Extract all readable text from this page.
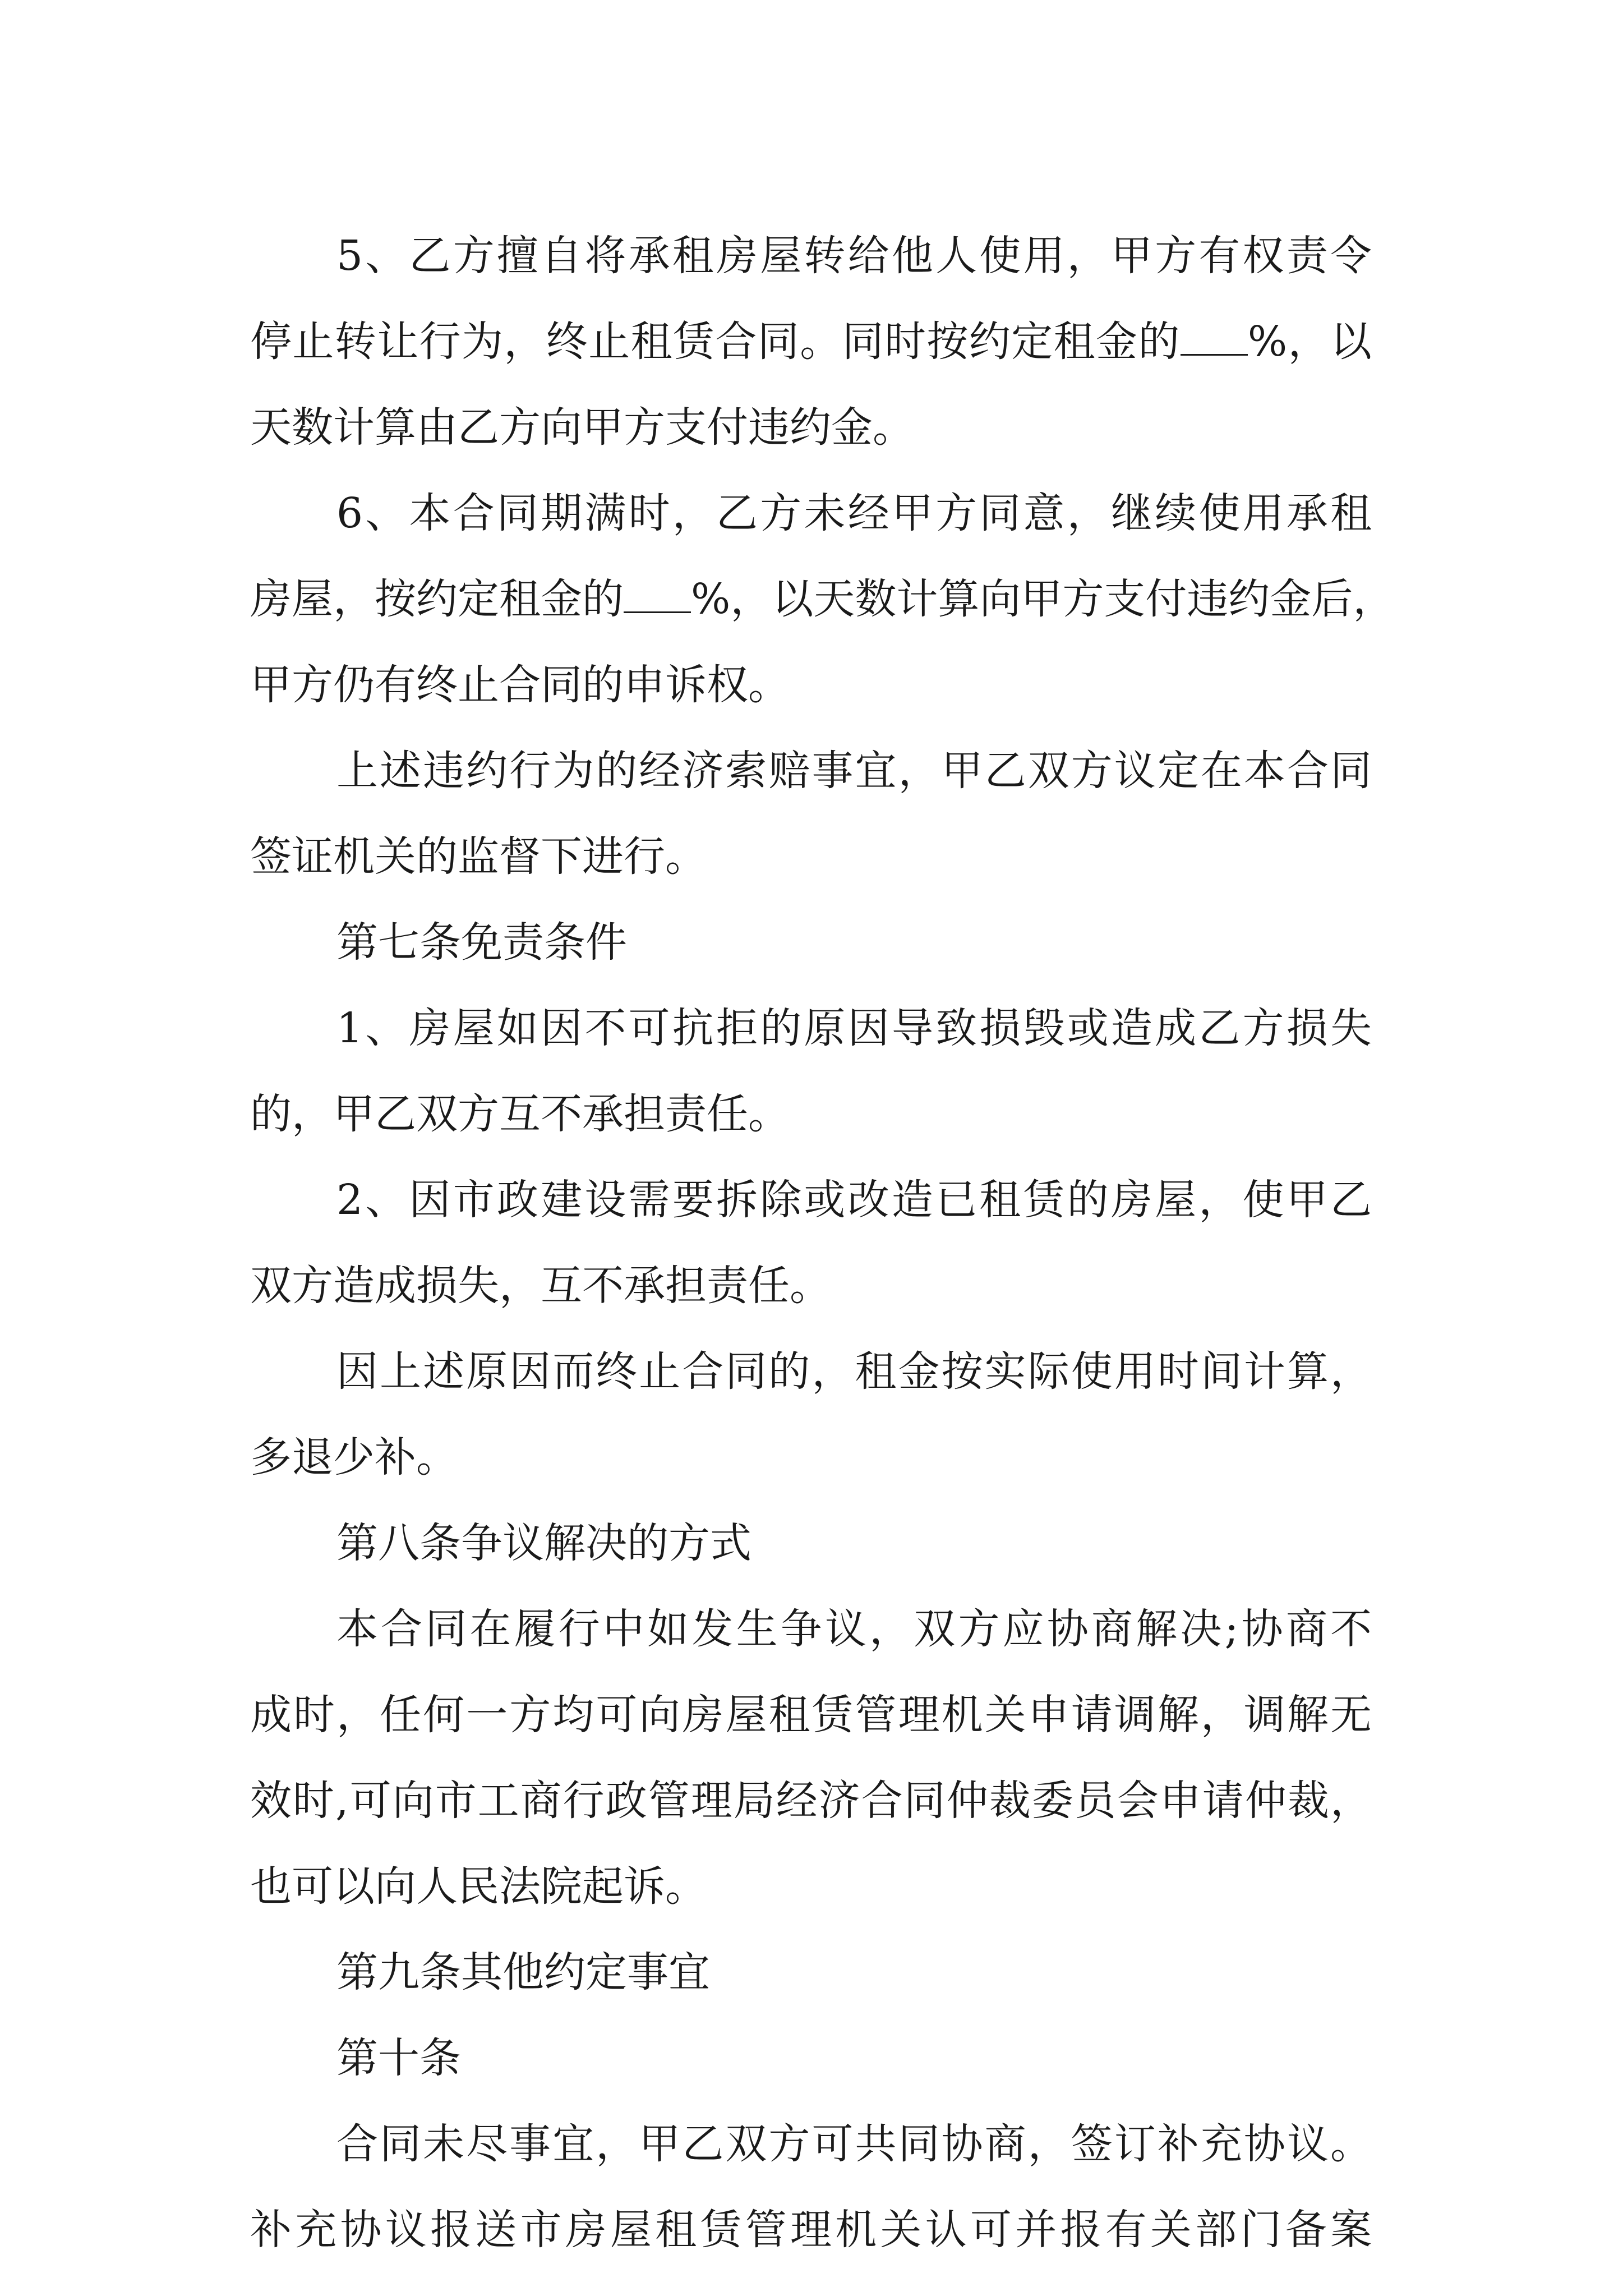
5、乙方擅自将承租房屋转给他人使用，甲方有权责令
停止转让行为，终止租赁合同。同时按约定租金的 %，以
天数计算由乙方向甲方支付违约金。
6、本合同期满时，乙方未经甲方同意，继续使用承租
房屋，按约定租金的 %，以天数计算向甲方支付违约金后，
甲方仍有终止合同的申诉权。
上述违约行为的经济索赔事宜，甲乙双方议定在本合同
签证机关的监督下进行。
第七条免责条件
1、房屋如因不可抗拒的原因导致损毁或造成乙方损失
的，甲乙双方互不承担责任。
2、因市政建设需要拆除或改造已租赁的房屋，使甲乙
双方造成损失，互不承担责任。
因上述原因而终止合同的，租金按实际使用时间计算，
多退少补。
第八条争议解决的方式
本合同在履行中如发生争议，双方应协商解决;协商不
成时，任何一方均可向房屋租赁管理机关申请调解，调解无
效时,可向市工商行政管理局经济合同仲裁委员会申请仲裁，
也可以向人民法院起诉。
第九条其他约定事宜
第十条
合同未尽事宜，甲乙双方可共同协商，签订补充协议。
补充协议报送市房屋租赁管理机关认可并报有关部门备案
